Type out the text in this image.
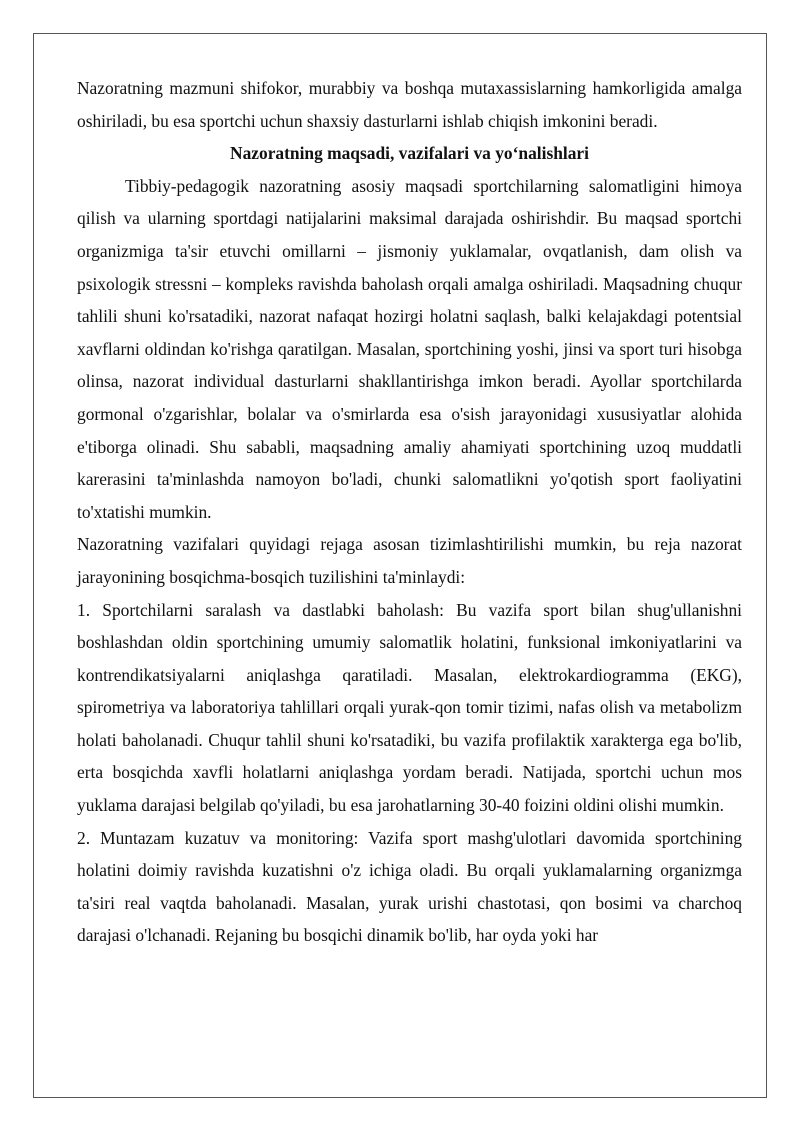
Nazoratning mazmuni shifokor, murabbiy va boshqa mutaxassislarning hamkorligida amalga oshiriladi, bu esa sportchi uchun shaxsiy dasturlarni ishlab chiqish imkonini beradi.

Nazoratning maqsadi, vazifalari va yo‘nalishlari

Tibbiy-pedagogik nazoratning asosiy maqsadi sportchilarning salomatligini himoya qilish va ularning sportdagi natijalarini maksimal darajada oshirishdir. Bu maqsad sportchi organizmiga ta'sir etuvchi omillarni – jismoniy yuklamalar, ovqatlanish, dam olish va psixologik stressni – kompleks ravishda baholash orqali amalga oshiriladi. Maqsadning chuqur tahlili shuni ko'rsatadiki, nazorat nafaqat hozirgi holatni saqlash, balki kelajakdagi potentsial xavflarni oldindan ko'rishga qaratilgan. Masalan, sportchining yoshi, jinsi va sport turi hisobga olinsa, nazorat individual dasturlarni shakllantirishga imkon beradi. Ayollar sportchilarda gormonal o'zgarishlar, bolalar va o'smirlarda esa o'sish jarayonidagi xususiyatlar alohida e'tiborga olinadi. Shu sababli, maqsadning amaliy ahamiyati sportchining uzoq muddatli karerasini ta'minlashda namoyon bo'ladi, chunki salomatlikni yo'qotish sport faoliyatini to'xtatishi mumkin.

Nazoratning vazifalari quyidagi rejaga asosan tizimlashtirilishi mumkin, bu reja nazorat jarayonining bosqichma-bosqich tuzilishini ta'minlaydi:

1. Sportchilarni saralash va dastlabki baholash: Bu vazifa sport bilan shug'ullanishni boshlashdan oldin sportchining umumiy salomatlik holatini, funksional imkoniyatlarini va kontrendikatsiyalarni aniqlashga qaratiladi. Masalan, elektrokardiogramma (EKG), spirometriya va laboratoriya tahlillari orqali yurak-qon tomir tizimi, nafas olish va metabolizm holati baholanadi. Chuqur tahlil shuni ko'rsatadiki, bu vazifa profilaktik xarakterga ega bo'lib, erta bosqichda xavfli holatlarni aniqlashga yordam beradi. Natijada, sportchi uchun mos yuklama darajasi belgilab qo'yiladi, bu esa jarohatlarning 30-40 foizini oldini olishi mumkin.

2. Muntazam kuzatuv va monitoring: Vazifa sport mashg'ulotlari davomida sportchining holatini doimiy ravishda kuzatishni o'z ichiga oladi. Bu orqali yuklamalarning organizmga ta'siri real vaqtda baholanadi. Masalan, yurak urishi chastotasi, qon bosimi va charchoq darajasi o'lchanadi. Rejaning bu bosqichi dinamik bo'lib, har oyda yoki har
